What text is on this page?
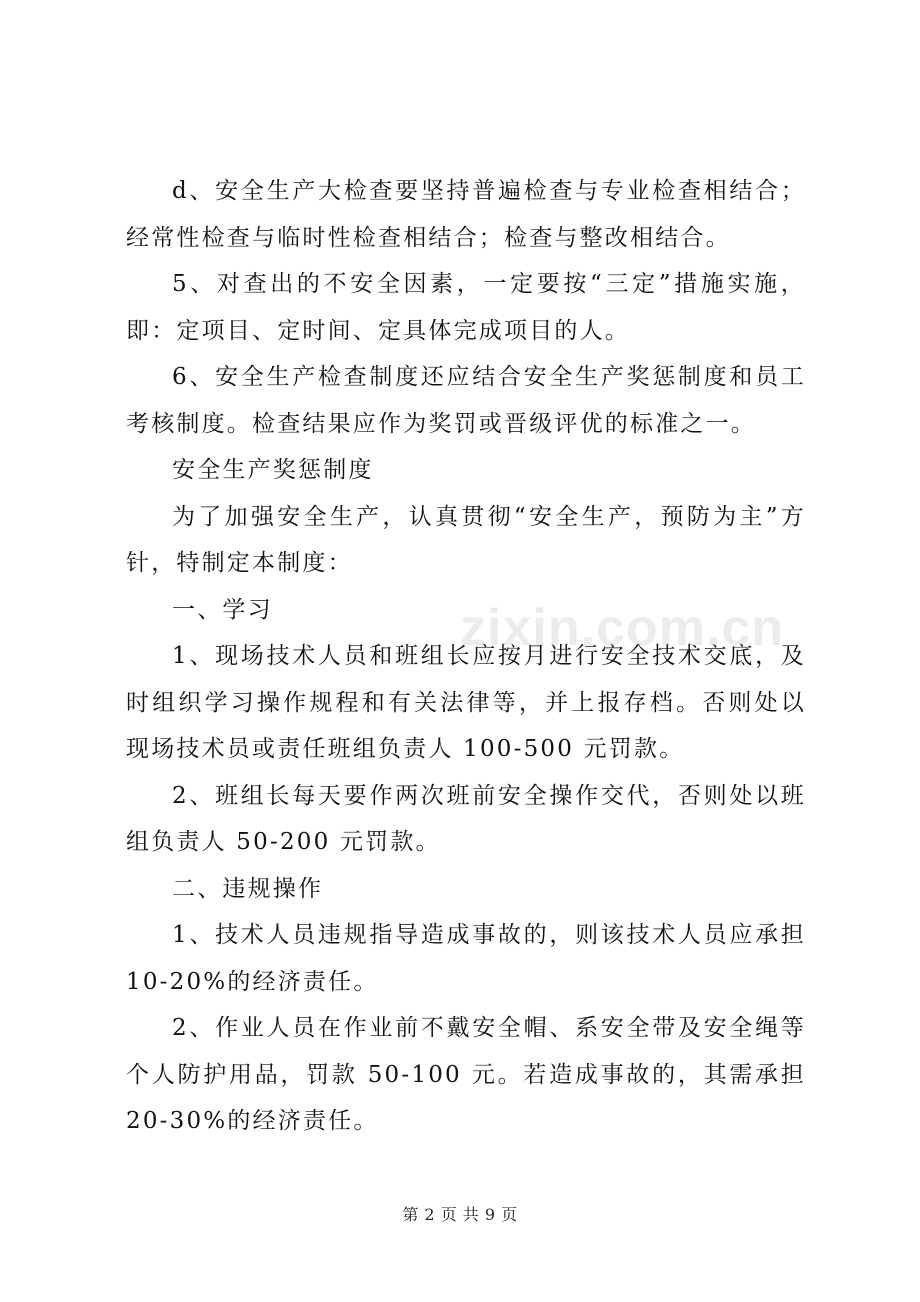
d、安全生产大检查要坚持普遍检查与专业检查相结合；经常性检查与临时性检查相结合；检查与整改相结合。

5、对查出的不安全因素，一定要按“三定”措施实施，即：定项目、定时间、定具体完成项目的人。

6、安全生产检查制度还应结合安全生产奖惩制度和员工考核制度。检查结果应作为奖罚或晋级评优的标准之一。

安全生产奖惩制度

为了加强安全生产，认真贯彻“安全生产，预防为主”方针，特制定本制度：

一、学习

1、现场技术人员和班组长应按月进行安全技术交底，及时组织学习操作规程和有关法律等，并上报存档。否则处以现场技术员或责任班组负责人 100-500 元罚款。

2、班组长每天要作两次班前安全操作交代，否则处以班组负责人 50-200 元罚款。

二、违规操作

1、技术人员违规指导造成事故的，则该技术人员应承担 10-20%的经济责任。

2、作业人员在作业前不戴安全帽、系安全带及安全绳等个人防护用品，罚款 50-100 元。若造成事故的，其需承担 20-30%的经济责任。

zixin.com.cn
第 2 页 共 9 页
